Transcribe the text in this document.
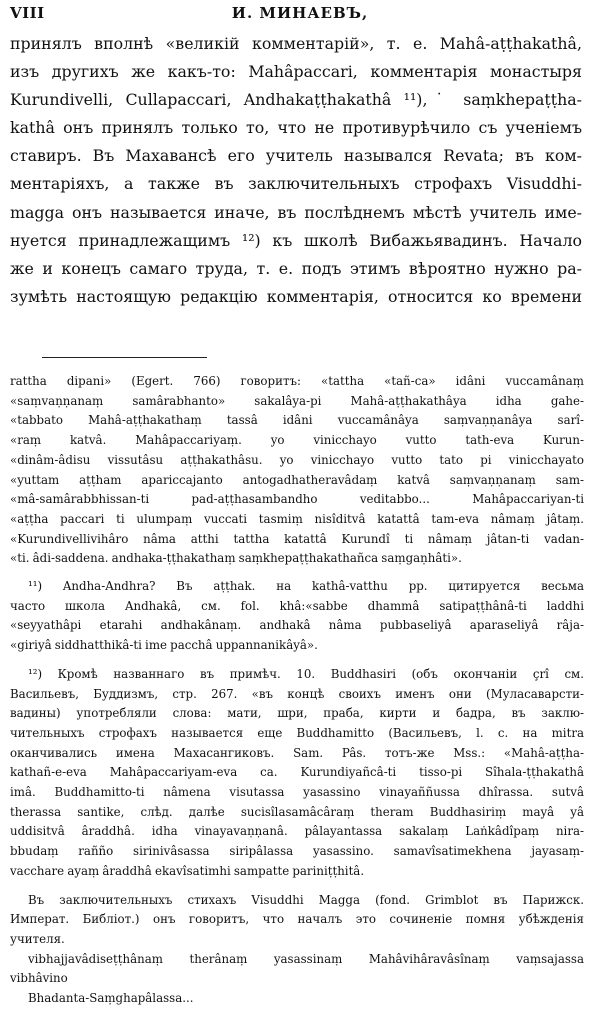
VIII	И. МИНАЕВЪ,

принялъ вполнѣ «великій комментарій», т. е. Mahâ-aṭṭhakathâ,

изъ другихъ же какъ-то: Mahâpaccari, комментарія монастыря

Kurundivelli, Cullapaccari, Andhakaṭṭhakathâ ¹¹),˙ saṃkhepaṭṭha-

kathâ онъ принялъ только то, что не противурѣчило съ ученіемъ

ставиръ. Въ Махавансѣ его учитель назывался Revata; въ ком-

ментаріяхъ, а также въ заключительныхъ строфахъ Visuddhi-

magga онъ называется иначе, въ послѣднемъ мѣстѣ учитель име-

нуется принадлежащимъ ¹²) къ школѣ Вибажьявадинъ. Начало

же и конецъ самаго труда, т. е. подъ этимъ вѣроятно нужно ра-

зумѣть настоящую редакцію комментарія, относится ко времени

rattha dipani» (Egert. 766) говоритъ: «tattha «tañ-ca» idâni vuccamânaṃ

«saṃvaṇṇanaṃ samârabhanto» sakalâya-pi Mahâ-aṭṭhakathâya idha gahe-

«tabbato Mahâ-aṭṭhakathaṃ tassâ idâni vuccamânâya saṃvaṇṇanâya sarî-

«raṃ katvâ. Mahâpaccariyaṃ. yo vinicchayo vutto tath-eva Kurun-

«dinâm-âdisu vissutâsu aṭṭhakathâsu. yo vinicchayo vutto tato pi vinicchayato

«yuttam aṭṭham apariccajanto antogadhatheravâdaṃ katvâ saṃvaṇṇanaṃ sam-

«mâ-samârabbhissan-ti pad-aṭṭhasambandho veditabbo... Mahâpaccariyan-ti

«aṭṭha paccari ti ulumpaṃ vuccati tasmiṃ nisîditvâ katattâ tam-eva nâmaṃ jâtaṃ.

«Kurundivellivihâro nâma atthi tattha katattâ Kurundî ti nâmaṃ jâtan-ti vadan-

«ti. âdi-saddena. andhaka-ṭṭhakathaṃ saṃkhepaṭṭhakathañca saṃgaṇhâti».

¹¹) Andha-Andhra? Въ aṭṭhak. на kathâ-vatthu pp. цитируется весьма

часто школа Andhakâ, см. fol. khâ:«sabbe dhammâ satipaṭṭhânâ-ti laddhi

«seyyathâpi etarahi andhakânaṃ. andhakâ nâma pubbaseliyâ aparaseliyâ râja-

«giriyâ siddhatthikâ-ti ime pacchâ uppannanikâyâ».

¹²) Кромѣ названнаго въ примѣч. 10. Buddhasiri (объ окончаніи çrî см.

Васильевъ, Буддизмъ, стр. 267. «въ концѣ своихъ именъ они (Муласаварсти-

вадины) употребляли слова: мати, шри, праба, кирти и бадра, въ заклю-

чительныхъ строфахъ называется еще Buddhamitto (Васильевъ, l. c. на mitra

оканчивались имена Махасангиковъ. Sam. Pâs. тотъ-же Mss.: «Mahâ-aṭṭha-

kathañ-e-eva Mahâpaccariyam-eva ca. Kurundiyañcâ-ti tisso-pi Sîhala-ṭṭhakathâ

imâ. Buddhamitto-ti nâmena visutassa yasassino vinayaññussa dhîrassa. sutvâ

therassa santike, слѣд. далѣе sucisîlasamâcâraṃ theram Buddhasiriṃ mayâ yâ

uddisitvâ âraddhâ. idha vinayavaṇṇanâ. pâlayantassa sakalaṃ Laṅkâdîpaṃ nira-

bbudaṃ rañño sirinivâsassa siripâlassa yasassino. samavîsatimekhena jayasaṃ-

vacchare ayaṃ âraddhâ ekavîsatimhi sampatte pariniṭṭhitâ.

Въ заключительныхъ стихахъ Visuddhi Magga (fond. Grimblot въ Парижск.

Императ. Библіот.) онъ говоритъ, что началъ это сочиненіе помня убѣжденія

учителя.

vibhajjavâdiseṭṭhânaṃ therânaṃ yasassinaṃ Mahâvihâravâsînaṃ vaṃsajassa

vibhâvino

Bhadanta-Saṃghapâlassa...
